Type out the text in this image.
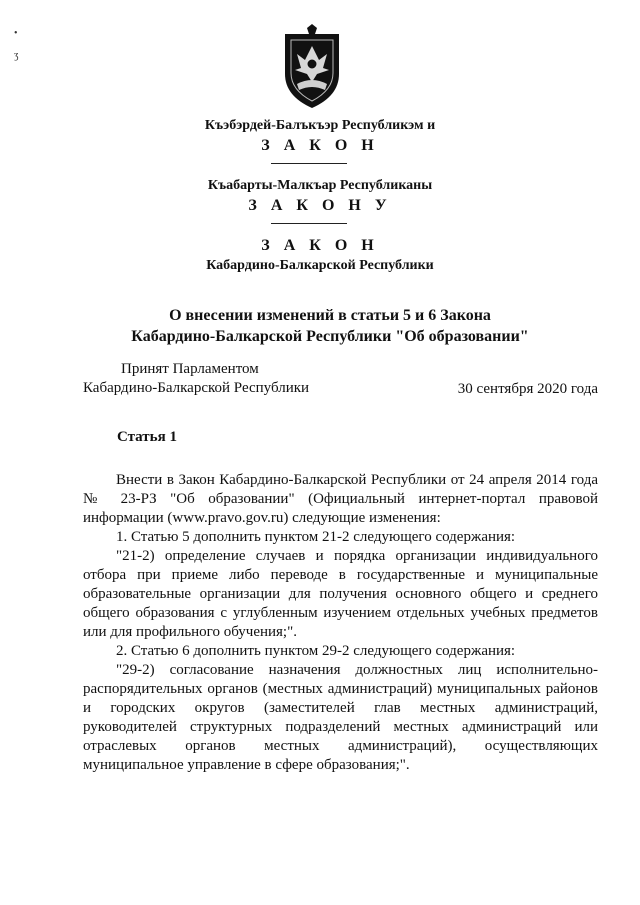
•
ʒ
Къэбэрдей-Балъкъэр Республикэм и
З А К О Н
Къабарты-Малкъар Республиканы
З А К О Н У
З А К О Н
Кабардино-Балкарской Республики
О внесении изменений в статьи 5 и 6 Закона
Кабардино-Балкарской Республики "Об образовании"
Принят Парламентом
Кабардино-Балкарской Республики	30 сентября 2020 года
Статья 1
Внести в Закон Кабардино-Балкарской Республики от 24 апреля 2014 года № 23-РЗ "Об образовании" (Официальный интернет-портал правовой информации (www.pravo.gov.ru) следующие изменения:
1. Статью 5 дополнить пунктом 21-2 следующего содержания:
"21-2) определение случаев и порядка организации индивидуального отбора при приеме либо переводе в государственные и муниципальные образовательные организации для получения основного общего и среднего общего образования с углубленным изучением отдельных учебных предметов или для профильного обучения;".
2. Статью 6 дополнить пунктом 29-2 следующего содержания:
"29-2) согласование назначения должностных лиц исполнительно-распорядительных органов (местных администраций) муниципальных районов и городских округов (заместителей глав местных администраций, руководителей структурных подразделений местных администраций или отраслевых органов местных администраций), осуществляющих муниципальное управление в сфере образования;".
